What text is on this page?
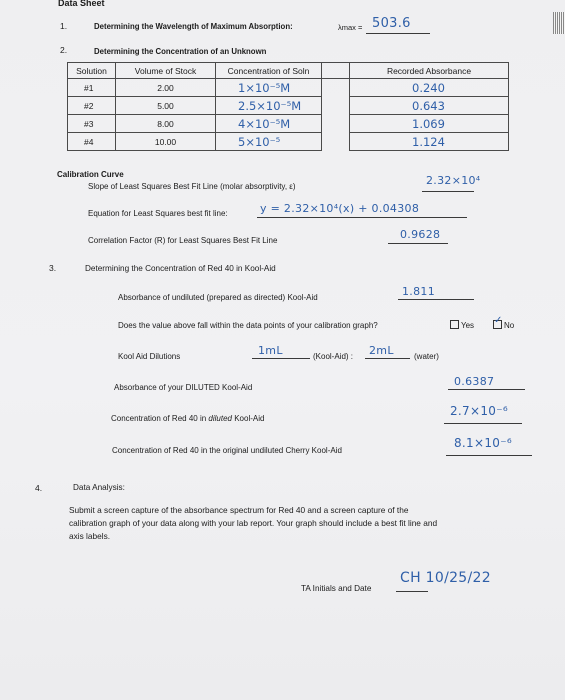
Data Sheet
1.	Determining the Wavelength of Maximum Absorption:	λmax = 503.6
2.	Determining the Concentration of an Unknown
Solution	Volume of Stock	Concentration of Soln		Recorded Absorbance
#1	2.00	1×10⁻⁵M		0.240
#2	5.00	2.5×10⁻⁵M		0.643
#3	8.00	4×10⁻⁵M		1.069
#4	10.00	5×10⁻⁵		1.124
Calibration Curve
Slope of Least Squares Best Fit Line (molar absorptivity, ε)	2.32×10⁴
Equation for Least Squares best fit line:	y = 2.32×10⁴(x) + 0.04308
Correlation Factor (R) for Least Squares Best Fit Line	0.9628
3.	Determining the Concentration of Red 40 in Kool-Aid
Absorbance of undiluted (prepared as directed) Kool-Aid	1.811
Does the value above fall within the data points of your calibration graph?	Yes ✓	No
Kool Aid Dilutions	1mL	(Kool-Aid) : 2mL	(water)
Absorbance of your DILUTED Kool-Aid	0.6387
Concentration of Red 40 in diluted Kool-Aid
2.7×10⁻⁶
Concentration of Red 40 in the original undiluted Cherry Kool-Aid
8.1×10⁻⁶
4.	Data Analysis:
Submit a screen capture of the absorbance spectrum for Red 40 and a screen capture of the
calibration graph of your data along with your lab report. Your graph should include a best fit line and
axis labels.
TA Initials and Date
CH 10/25/22
